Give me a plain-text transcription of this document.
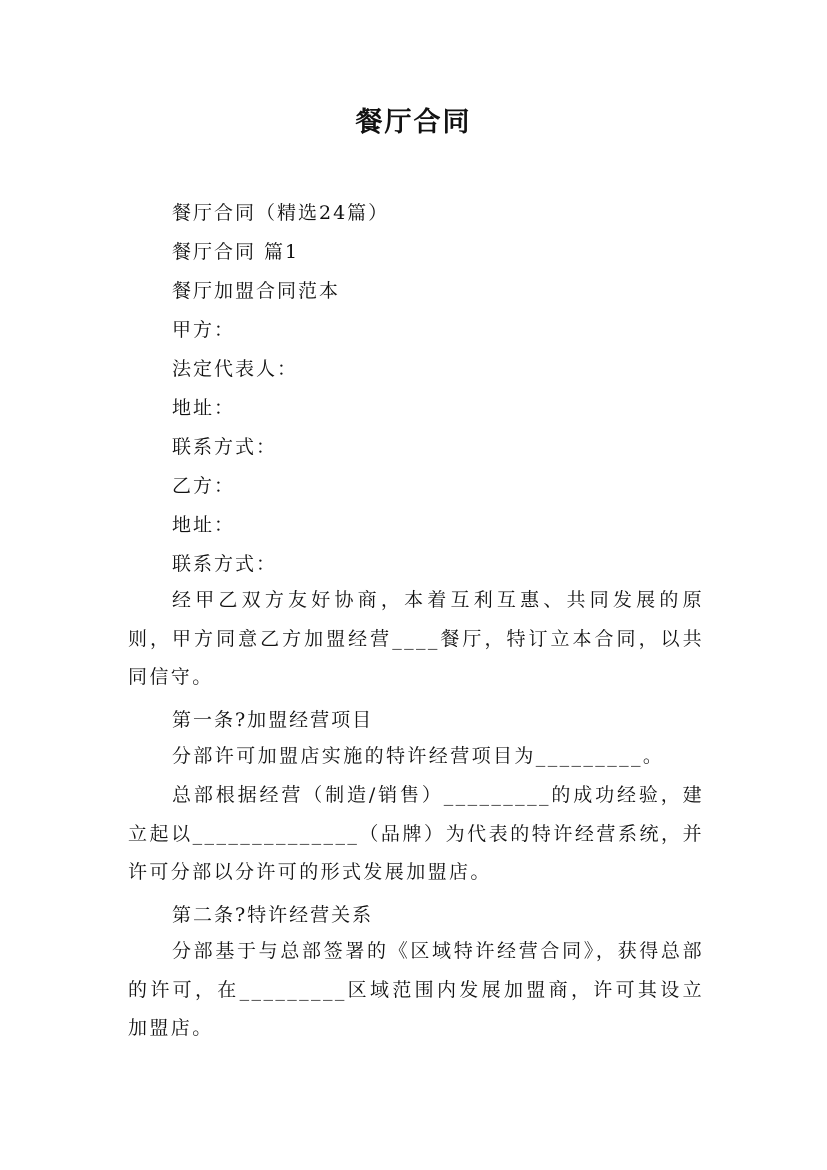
餐厅合同
餐厅合同（精选24篇）
餐厅合同 篇1
餐厅加盟合同范本
甲方：
法定代表人：
地址：
联系方式：
乙方：
地址：
联系方式：
经甲乙双方友好协商，本着互利互惠、共同发展的原则，甲方同意乙方加盟经营____餐厅，特订立本合同，以共同信守。
第一条?加盟经营项目
分部许可加盟店实施的特许经营项目为_________。
总部根据经营（制造/销售）_________的成功经验，建立起以______________（品牌）为代表的特许经营系统，并许可分部以分许可的形式发展加盟店。
第二条?特许经营关系
分部基于与总部签署的《区域特许经营合同》，获得总部的许可，在_________区域范围内发展加盟商，许可其设立加盟店。
